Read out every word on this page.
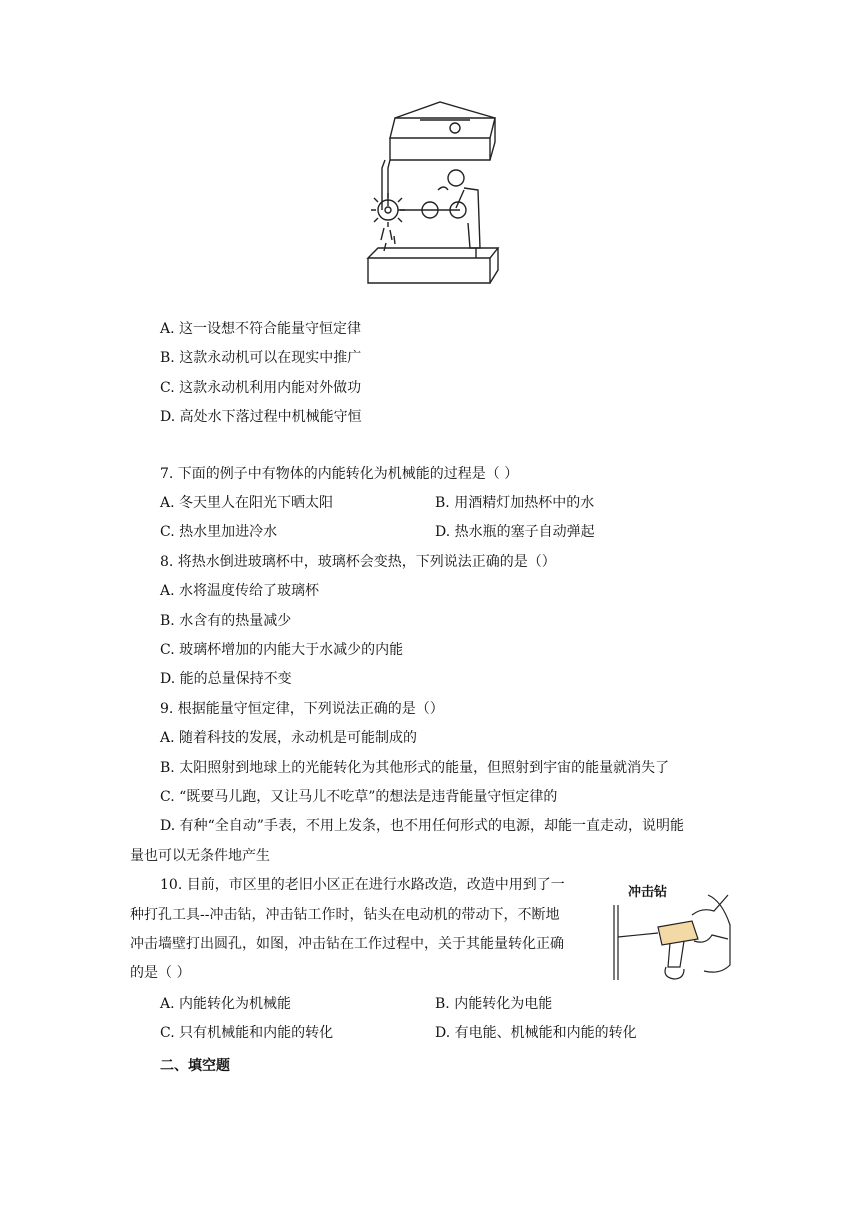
A. 这一设想不符合能量守恒定律
B. 这款永动机可以在现实中推广
C. 这款永动机利用内能对外做功
D. 高处水下落过程中机械能守恒
7. 下面的例子中有物体的内能转化为机械能的过程是（ ）
A. 冬天里人在阳光下晒太阳	B. 用酒精灯加热杯中的水
C. 热水里加进冷水	D. 热水瓶的塞子自动弹起
8. 将热水倒进玻璃杯中，玻璃杯会变热，下列说法正确的是（）
A. 水将温度传给了玻璃杯
B. 水含有的热量减少
C. 玻璃杯增加的内能大于水减少的内能
D. 能的总量保持不变
9. 根据能量守恒定律，下列说法正确的是（）
A. 随着科技的发展，永动机是可能制成的
B. 太阳照射到地球上的光能转化为其他形式的能量，但照射到宇宙的能量就消失了
C. “既要马儿跑，又让马儿不吃草”的想法是违背能量守恒定律的
D. 有种“全自动”手表，不用上发条，也不用任何形式的电源，却能一直走动，说明能
量也可以无条件地产生
10. 目前，市区里的老旧小区正在进行水路改造，改造中用到了一
种打孔工具--冲击钻，冲击钻工作时，钻头在电动机的带动下，不断地
冲击墙壁打出圆孔，如图，冲击钻在工作过程中，关于其能量转化正确
的是（ ）
冲击钻
A. 内能转化为机械能	B. 内能转化为电能
C. 只有机械能和内能的转化	D. 有电能、机械能和内能的转化
二、填空题
